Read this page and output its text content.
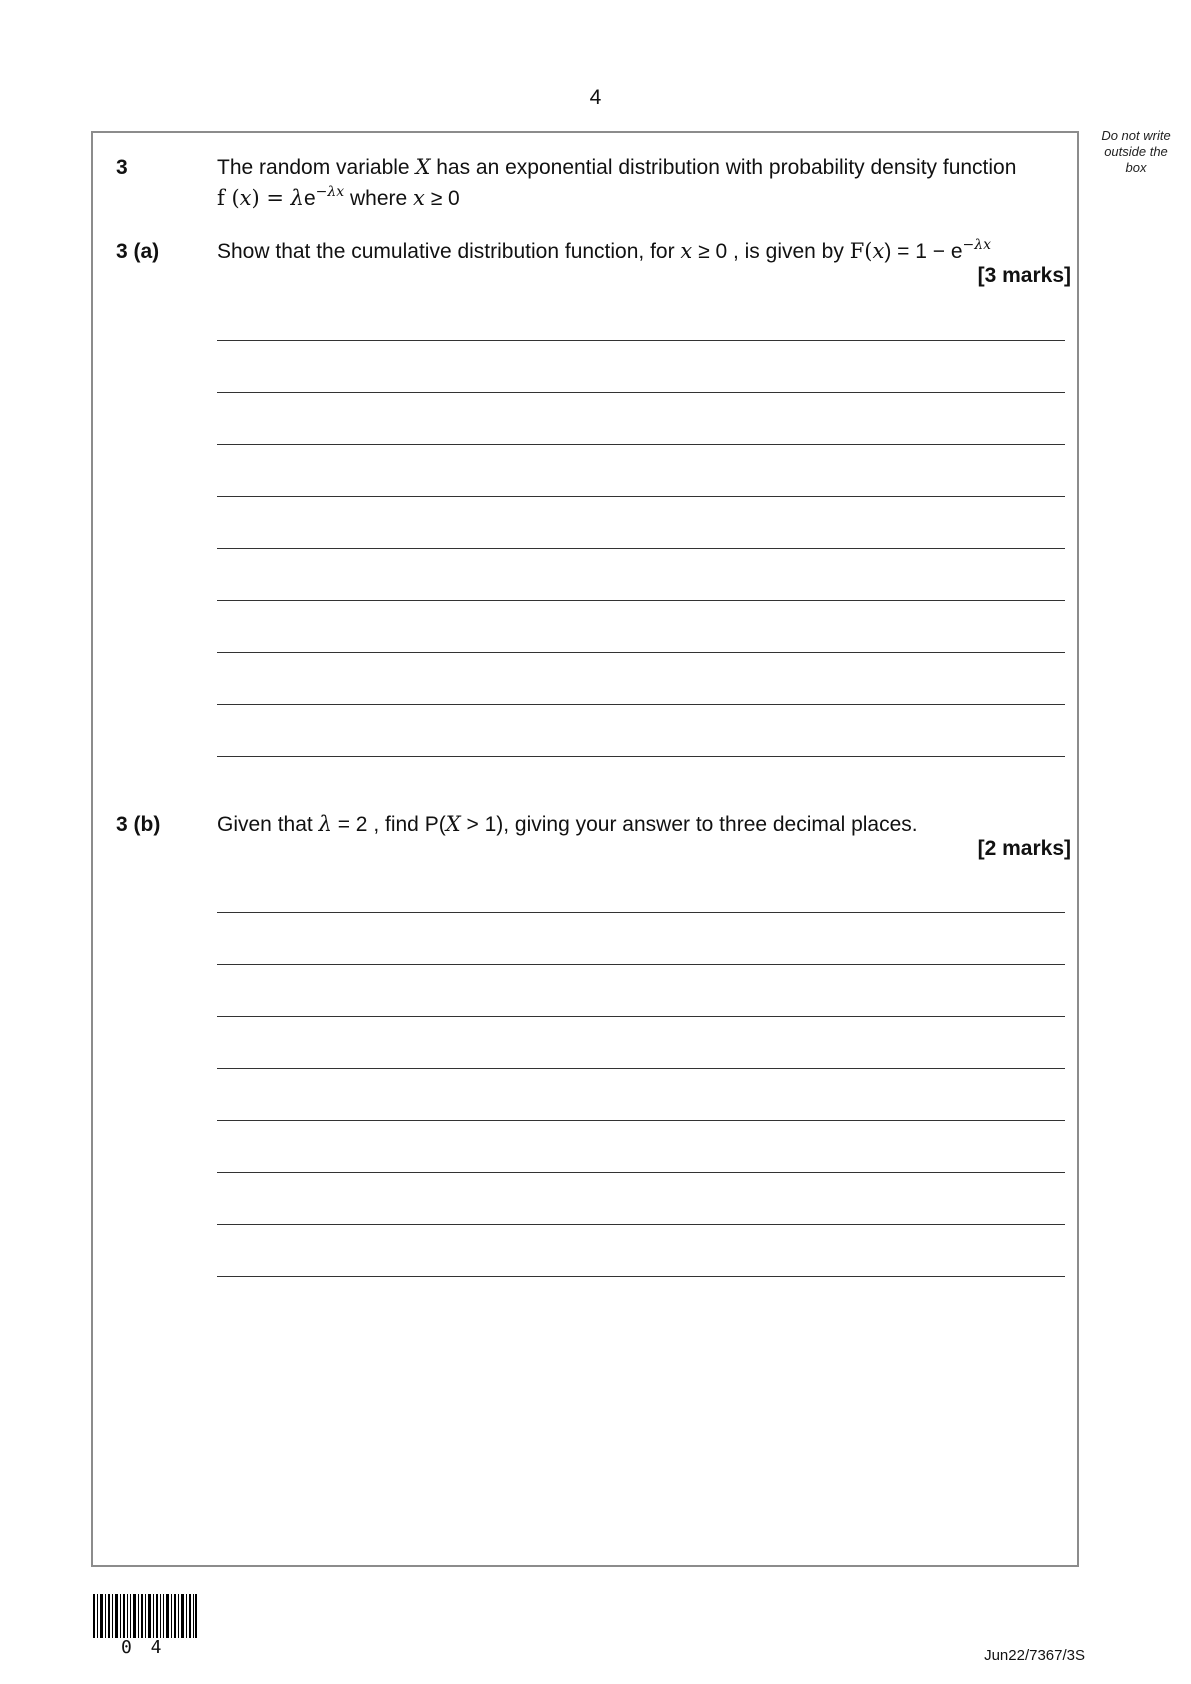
4
Do not write outside the box
3	The random variable X has an exponential distribution with probability density function
f $(x) = \lambda e^{-\lambda x}$ where x ≥ 0
3 (a)	Show that the cumulative distribution function, for x ≥ 0 , is given by $F(x) = 1 - e^{-\lambda x}$
[3 marks]
3 (b)	Given that λ = 2 , find P(X > 1), giving your answer to three decimal places.
[2 marks]
0 4	Jun22/7367/3S
